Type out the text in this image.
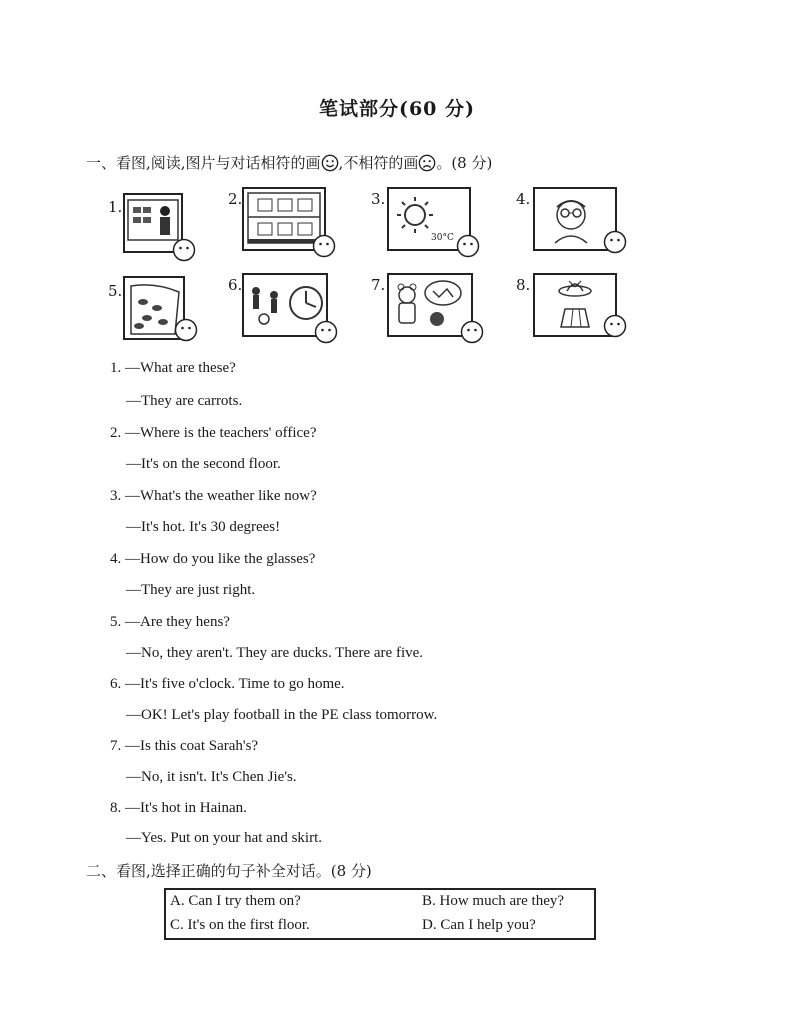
笔试部分(60 分)
一、看图,阅读,图片与对话相符的画 ,不相符的画 。(8 分)
1.	2.	3.
30°C
4.
5.	6.	7.	8.
1. —What are these?
—They are carrots.
2. —Where is the teachers' office?
—It's on the second floor.
3. —What's the weather like now?
—It's hot. It's 30 degrees!
4. —How do you like the glasses?
—They are just right.
5. —Are they hens?
—No, they aren't. They are ducks. There are five.
6. —It's five o'clock. Time to go home.
—OK! Let's play football in the PE class tomorrow.
7. —Is this coat Sarah's?
—No, it isn't. It's Chen Jie's.
8. —It's hot in Hainan.
—Yes. Put on your hat and skirt.
二、看图,选择正确的句子补全对话。(8 分)
A. Can I try them on?	B. How much are they?
C. It's on the first floor.	D. Can I help you?
